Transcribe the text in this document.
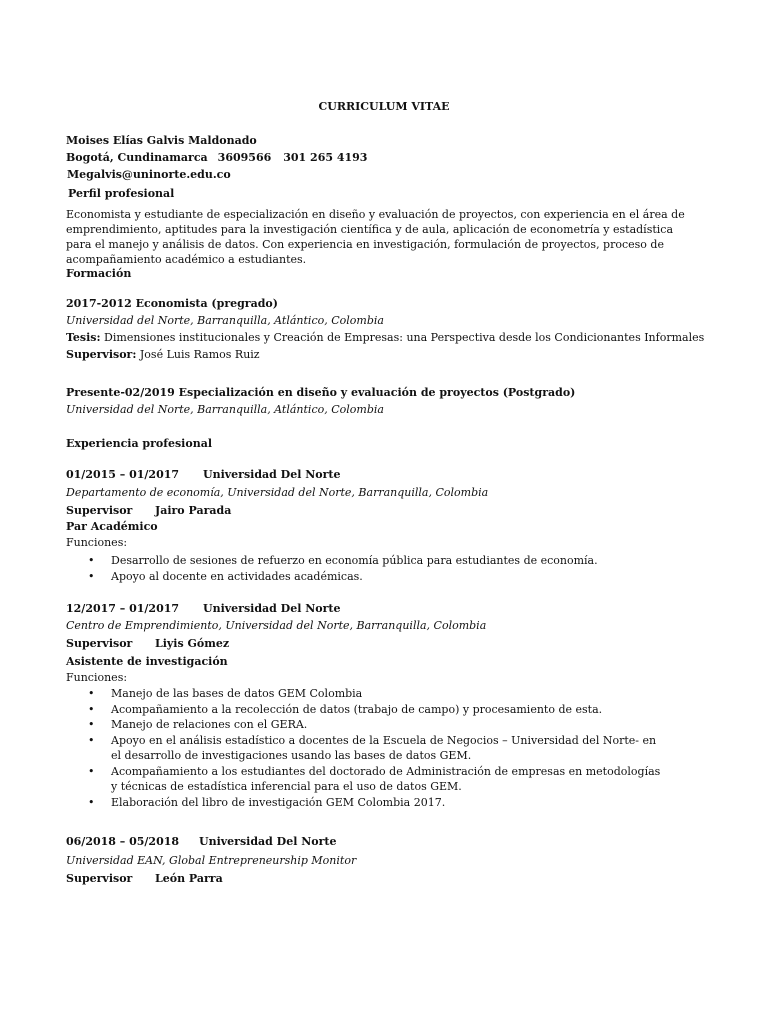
CURRICULUM VITAE
Moises Elías Galvis Maldonado
Bogotá, Cundinamarca 3609566 301 265 4193
Megalvis@uninorte.edu.co
Perfil profesional
Economista y estudiante de especialización en diseño y evaluación de proyectos, con experiencia en el área de emprendimiento, aptitudes para la investigación científica y de aula, aplicación de econometría y estadística para el manejo y análisis de datos. Con experiencia en investigación, formulación de proyectos, proceso de acompañamiento académico a estudiantes.
Formación
2017-2012 Economista (pregrado)
Universidad del Norte, Barranquilla, Atlántico, Colombia
Tesis: Dimensiones institucionales y Creación de Empresas: una Perspectiva desde los Condicionantes Informales
Supervisor: José Luis Ramos Ruiz
Presente-02/2019 Especialización en diseño y evaluación de proyectos (Postgrado)
Universidad del Norte, Barranquilla, Atlántico, Colombia
Experiencia profesional
01/2015 – 01/2017 Universidad Del Norte
Departamento de economía, Universidad del Norte, Barranquilla, Colombia
Supervisor Jairo Parada
Par Académico
Funciones:
• Desarrollo de sesiones de refuerzo en economía pública para estudiantes de economía.
• Apoyo al docente en actividades académicas.
12/2017 – 01/2017 Universidad Del Norte
Centro de Emprendimiento, Universidad del Norte, Barranquilla, Colombia
Supervisor Liyis Gómez
Asistente de investigación
Funciones:
• Manejo de las bases de datos GEM Colombia
• Acompañamiento a la recolección de datos (trabajo de campo) y procesamiento de esta.
• Manejo de relaciones con el GERA.
• Apoyo en el análisis estadístico a docentes de la Escuela de Negocios – Universidad del Norte- en el desarrollo de investigaciones usando las bases de datos GEM.
• Acompañamiento a los estudiantes del doctorado de Administración de empresas en metodologías y técnicas de estadística inferencial para el uso de datos GEM.
• Elaboración del libro de investigación GEM Colombia 2017.
06/2018 – 05/2018 Universidad Del Norte
Universidad EAN, Global Entrepreneurship Monitor
Supervisor León Parra
